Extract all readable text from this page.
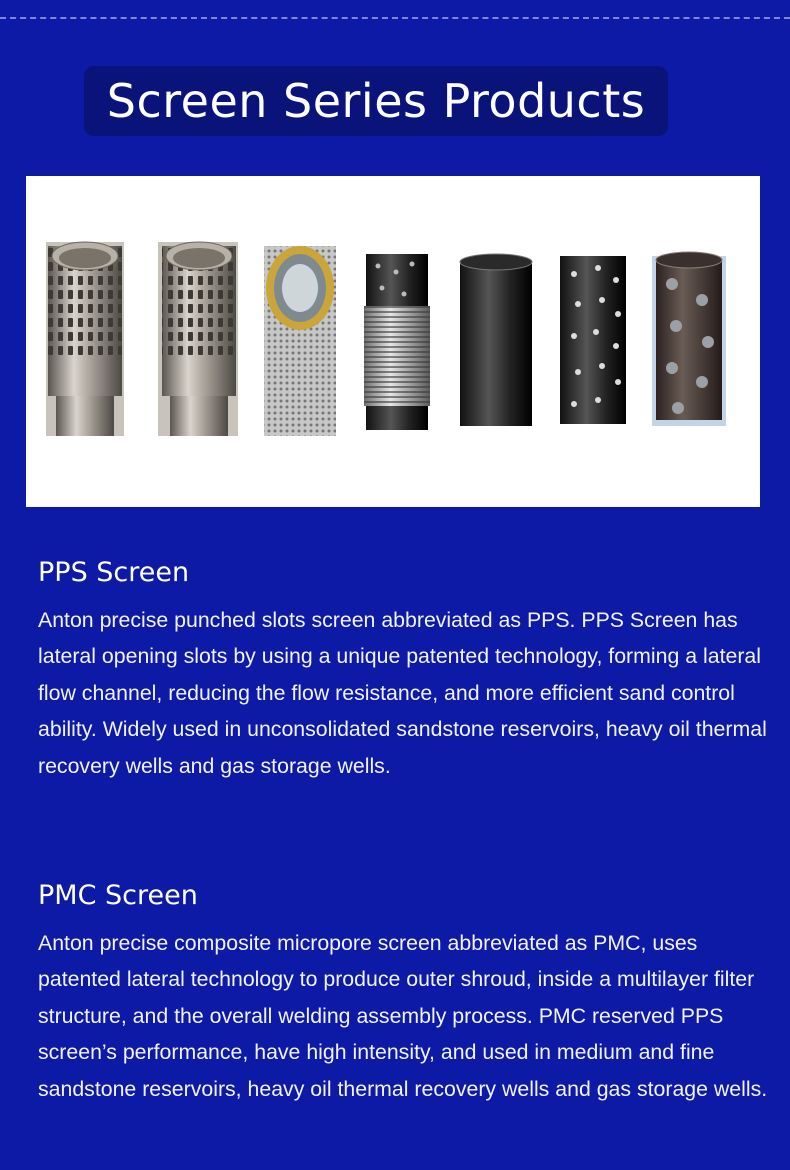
Screen Series Products
PPS Screen

Anton precise punched slots screen abbreviated as PPS. PPS Screen has lateral opening slots by using a unique patented technology, forming a lateral flow channel, reducing the flow resistance, and more efficient sand control ability. Widely used in unconsolidated sandstone reservoirs, heavy oil thermal recovery wells and gas storage wells.

PMC Screen

Anton precise composite micropore screen abbreviated as PMC, uses patented lateral technology to produce outer shroud, inside a multilayer filter structure, and the overall welding assembly process. PMC reserved PPS screen’s performance, have high intensity, and used in medium and fine sandstone reservoirs, heavy oil thermal recovery wells and gas storage wells.
